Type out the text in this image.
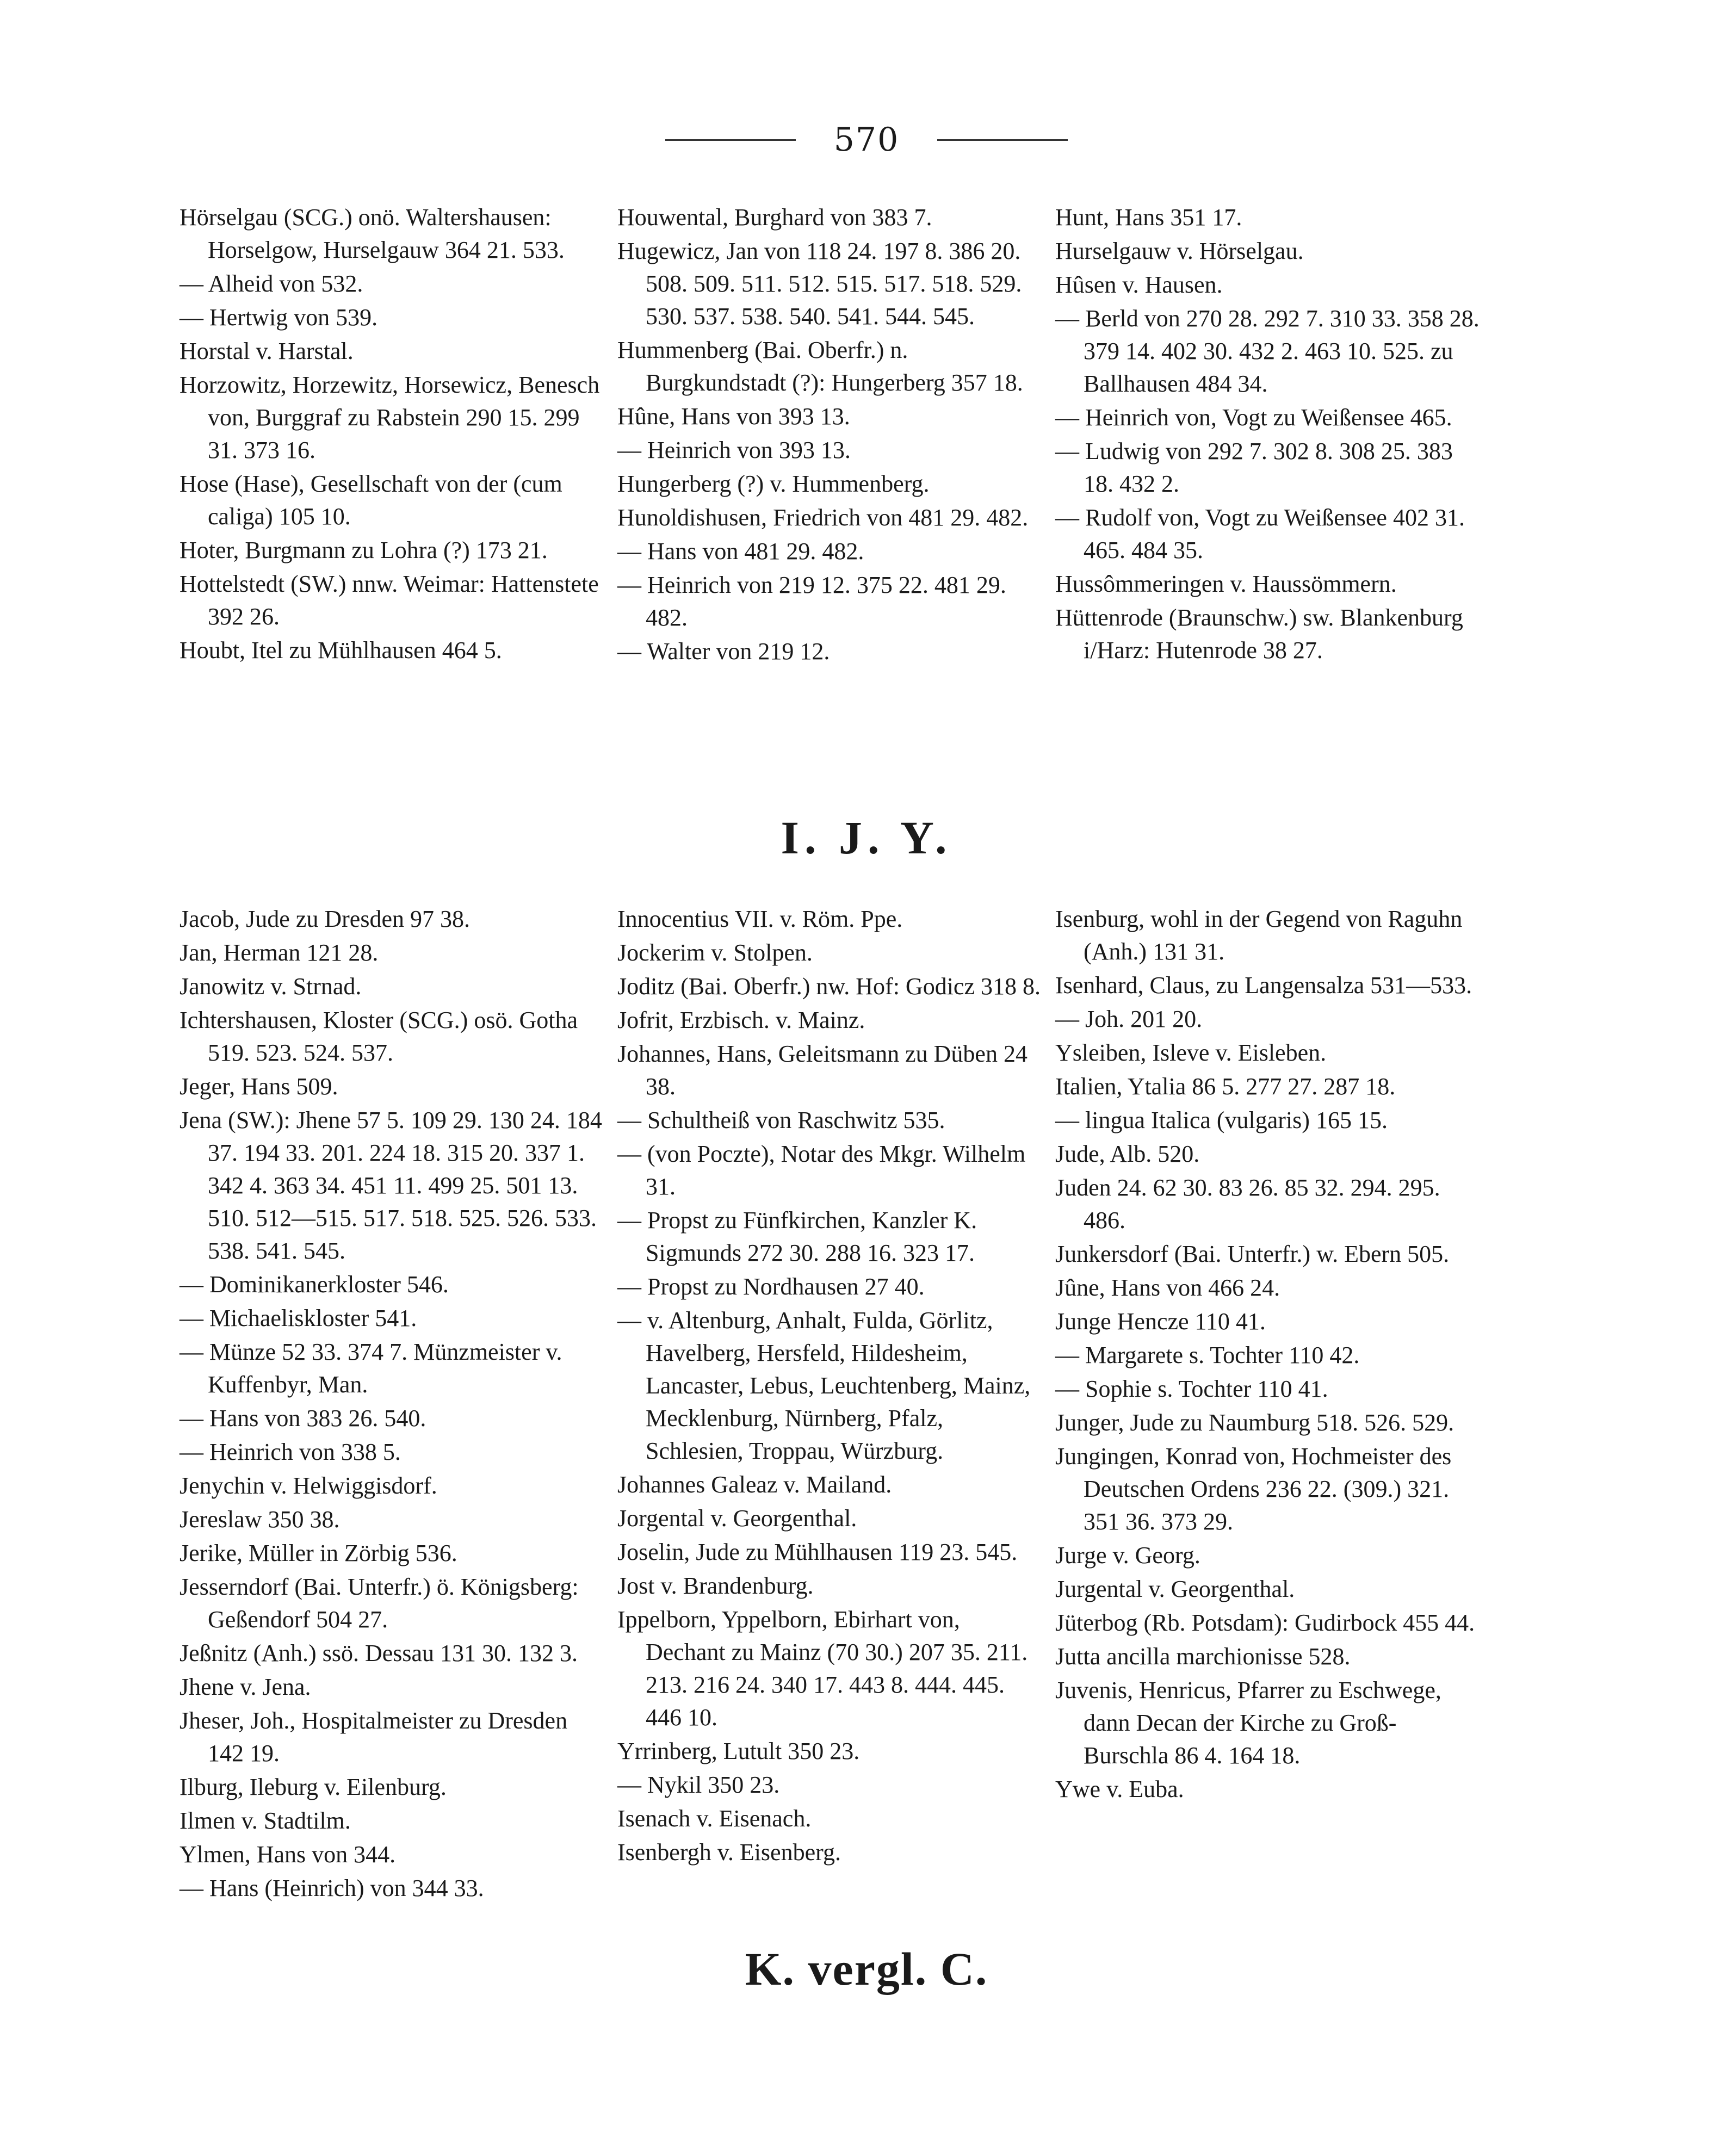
570

Hörselgau (SCG.) onö. Waltershausen: Horselgow, Hurselgauw 364 21. 533.

— Alheid von 532.

— Hertwig von 539.

Horstal v. Harstal.

Horzowitz, Horzewitz, Horsewicz, Benesch von, Burggraf zu Rabstein 290 15. 299 31. 373 16.

Hose (Hase), Gesellschaft von der (cum caliga) 105 10.

Hoter, Burgmann zu Lohra (?) 173 21.

Hottelstedt (SW.) nnw. Weimar: Hattenstete 392 26.

Houbt, Itel zu Mühlhausen 464 5.

Houwental, Burghard von 383 7.

Hugewicz, Jan von 118 24. 197 8. 386 20. 508. 509. 511. 512. 515. 517. 518. 529. 530. 537. 538. 540. 541. 544. 545.

Hummenberg (Bai. Oberfr.) n. Burgkundstadt (?): Hungerberg 357 18.

Hûne, Hans von 393 13.

— Heinrich von 393 13.

Hungerberg (?) v. Hummenberg.

Hunoldishusen, Friedrich von 481 29. 482.

— Hans von 481 29. 482.

— Heinrich von 219 12. 375 22. 481 29. 482.

— Walter von 219 12.

Hunt, Hans 351 17.

Hurselgauw v. Hörselgau.

Hûsen v. Hausen.

— Berld von 270 28. 292 7. 310 33. 358 28. 379 14. 402 30. 432 2. 463 10. 525. zu Ballhausen 484 34.

— Heinrich von, Vogt zu Weißensee 465.

— Ludwig von 292 7. 302 8. 308 25. 383 18. 432 2.

— Rudolf von, Vogt zu Weißensee 402 31. 465. 484 35.

Hussômmeringen v. Haussömmern.

Hüttenrode (Braunschw.) sw. Blankenburg i/Harz: Hutenrode 38 27.

I. J. Y.

Jacob, Jude zu Dresden 97 38.

Jan, Herman 121 28.

Janowitz v. Strnad.

Ichtershausen, Kloster (SCG.) osö. Gotha 519. 523. 524. 537.

Jeger, Hans 509.

Jena (SW.): Jhene 57 5. 109 29. 130 24. 184 37. 194 33. 201. 224 18. 315 20. 337 1. 342 4. 363 34. 451 11. 499 25. 501 13. 510. 512—515. 517. 518. 525. 526. 533. 538. 541. 545.

— Dominikanerkloster 546.

— Michaeliskloster 541.

— Münze 52 33. 374 7. Münzmeister v. Kuffenbyr, Man.

— Hans von 383 26. 540.

— Heinrich von 338 5.

Jenychin v. Helwiggisdorf.

Jereslaw 350 38.

Jerike, Müller in Zörbig 536.

Jesserndorf (Bai. Unterfr.) ö. Königsberg: Geßendorf 504 27.

Jeßnitz (Anh.) ssö. Dessau 131 30. 132 3.

Jhene v. Jena.

Jheser, Joh., Hospitalmeister zu Dresden 142 19.

Ilburg, Ileburg v. Eilenburg.

Ilmen v. Stadtilm.

Ylmen, Hans von 344.

— Hans (Heinrich) von 344 33.

Innocentius VII. v. Röm. Ppe.

Jockerim v. Stolpen.

Joditz (Bai. Oberfr.) nw. Hof: Godicz 318 8.

Jofrit, Erzbisch. v. Mainz.

Johannes, Hans, Geleitsmann zu Düben 24 38.

— Schultheiß von Raschwitz 535.

— (von Poczte), Notar des Mkgr. Wilhelm 31.

— Propst zu Fünfkirchen, Kanzler K. Sigmunds 272 30. 288 16. 323 17.

— Propst zu Nordhausen 27 40.

— v. Altenburg, Anhalt, Fulda, Görlitz, Havelberg, Hersfeld, Hildesheim, Lancaster, Lebus, Leuchtenberg, Mainz, Mecklenburg, Nürnberg, Pfalz, Schlesien, Troppau, Würzburg.

Johannes Galeaz v. Mailand.

Jorgental v. Georgenthal.

Joselin, Jude zu Mühlhausen 119 23. 545.

Jost v. Brandenburg.

Ippelborn, Yppelborn, Ebirhart von, Dechant zu Mainz (70 30.) 207 35. 211. 213. 216 24. 340 17. 443 8. 444. 445. 446 10.

Yrrinberg, Lutult 350 23.

— Nykil 350 23.

Isenach v. Eisenach.

Isenbergh v. Eisenberg.

Isenburg, wohl in der Gegend von Raguhn (Anh.) 131 31.

Isenhard, Claus, zu Langensalza 531—533.

— Joh. 201 20.

Ysleiben, Isleve v. Eisleben.

Italien, Ytalia 86 5. 277 27. 287 18.

— lingua Italica (vulgaris) 165 15.

Jude, Alb. 520.

Juden 24. 62 30. 83 26. 85 32. 294. 295. 486.

Junkersdorf (Bai. Unterfr.) w. Ebern 505.

Jûne, Hans von 466 24.

Junge Hencze 110 41.

— Margarete s. Tochter 110 42.

— Sophie s. Tochter 110 41.

Junger, Jude zu Naumburg 518. 526. 529.

Jungingen, Konrad von, Hochmeister des Deutschen Ordens 236 22. (309.) 321. 351 36. 373 29.

Jurge v. Georg.

Jurgental v. Georgenthal.

Jüterbog (Rb. Potsdam): Gudirbock 455 44.

Jutta ancilla marchionisse 528.

Juvenis, Henricus, Pfarrer zu Eschwege, dann Decan der Kirche zu Groß-Burschla 86 4. 164 18.

Ywe v. Euba.

K. vergl. C.
